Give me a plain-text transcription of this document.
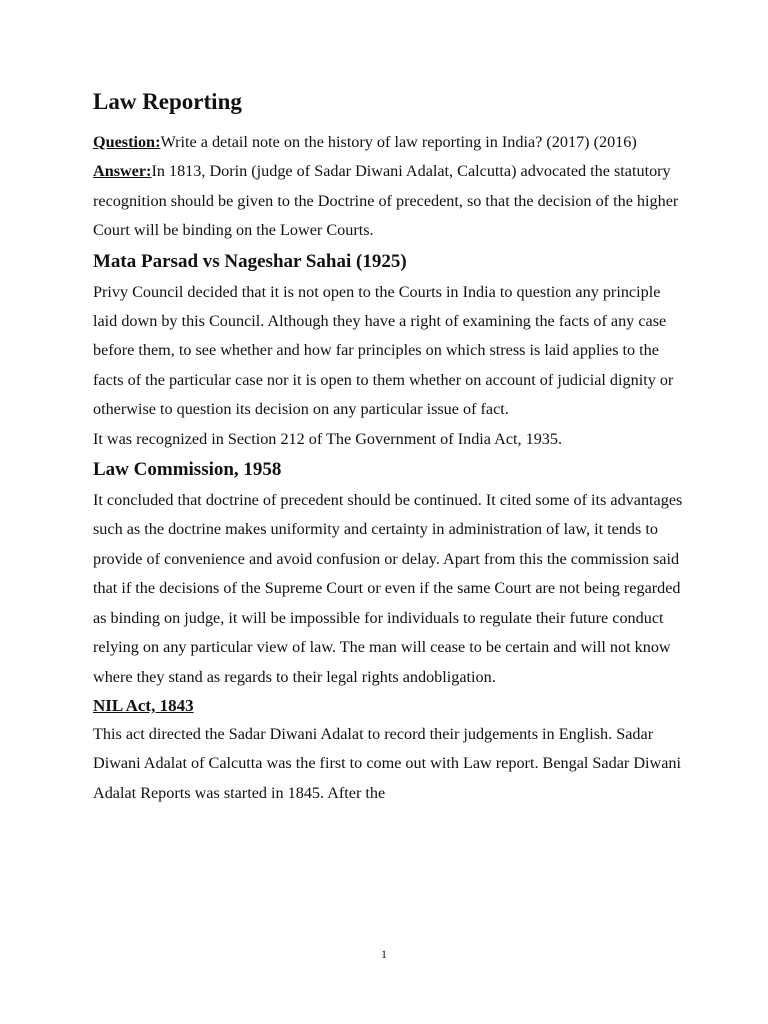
Law Reporting

Question:Write a detail note on the history of law reporting in India? (2017) (2016)

Answer:In 1813, Dorin (judge of Sadar Diwani Adalat, Calcutta) advocated the statutory recognition should be given to the Doctrine of precedent, so that the decision of the higher Court will be binding on the Lower Courts.

Mata Parsad vs Nageshar Sahai (1925)

Privy Council decided that it is not open to the Courts in India to question any principle laid down by this Council. Although they have a right of examining the facts of any case before them, to see whether and how far principles on which stress is laid applies to the facts of the particular case nor it is open to them whether on account of judicial dignity or otherwise to question its decision on any particular issue of fact.

It was recognized in Section 212 of The Government of India Act, 1935.

Law Commission, 1958

It concluded that doctrine of precedent should be continued. It cited some of its advantages such as the doctrine makes uniformity and certainty in administration of law, it tends to provide of convenience and avoid confusion or delay. Apart from this the commission said that if the decisions of the Supreme Court or even if the same Court are not being regarded as binding on judge, it will be impossible for individuals to regulate their future conduct relying on any particular view of law. The man will cease to be certain and will not know where they stand as regards to their legal rights andobligation.

NIL Act, 1843

This act directed the Sadar Diwani Adalat to record their judgements in English. Sadar Diwani Adalat of Calcutta was the first to come out with Law report. Bengal Sadar Diwani Adalat Reports was started in 1845. After the

1
